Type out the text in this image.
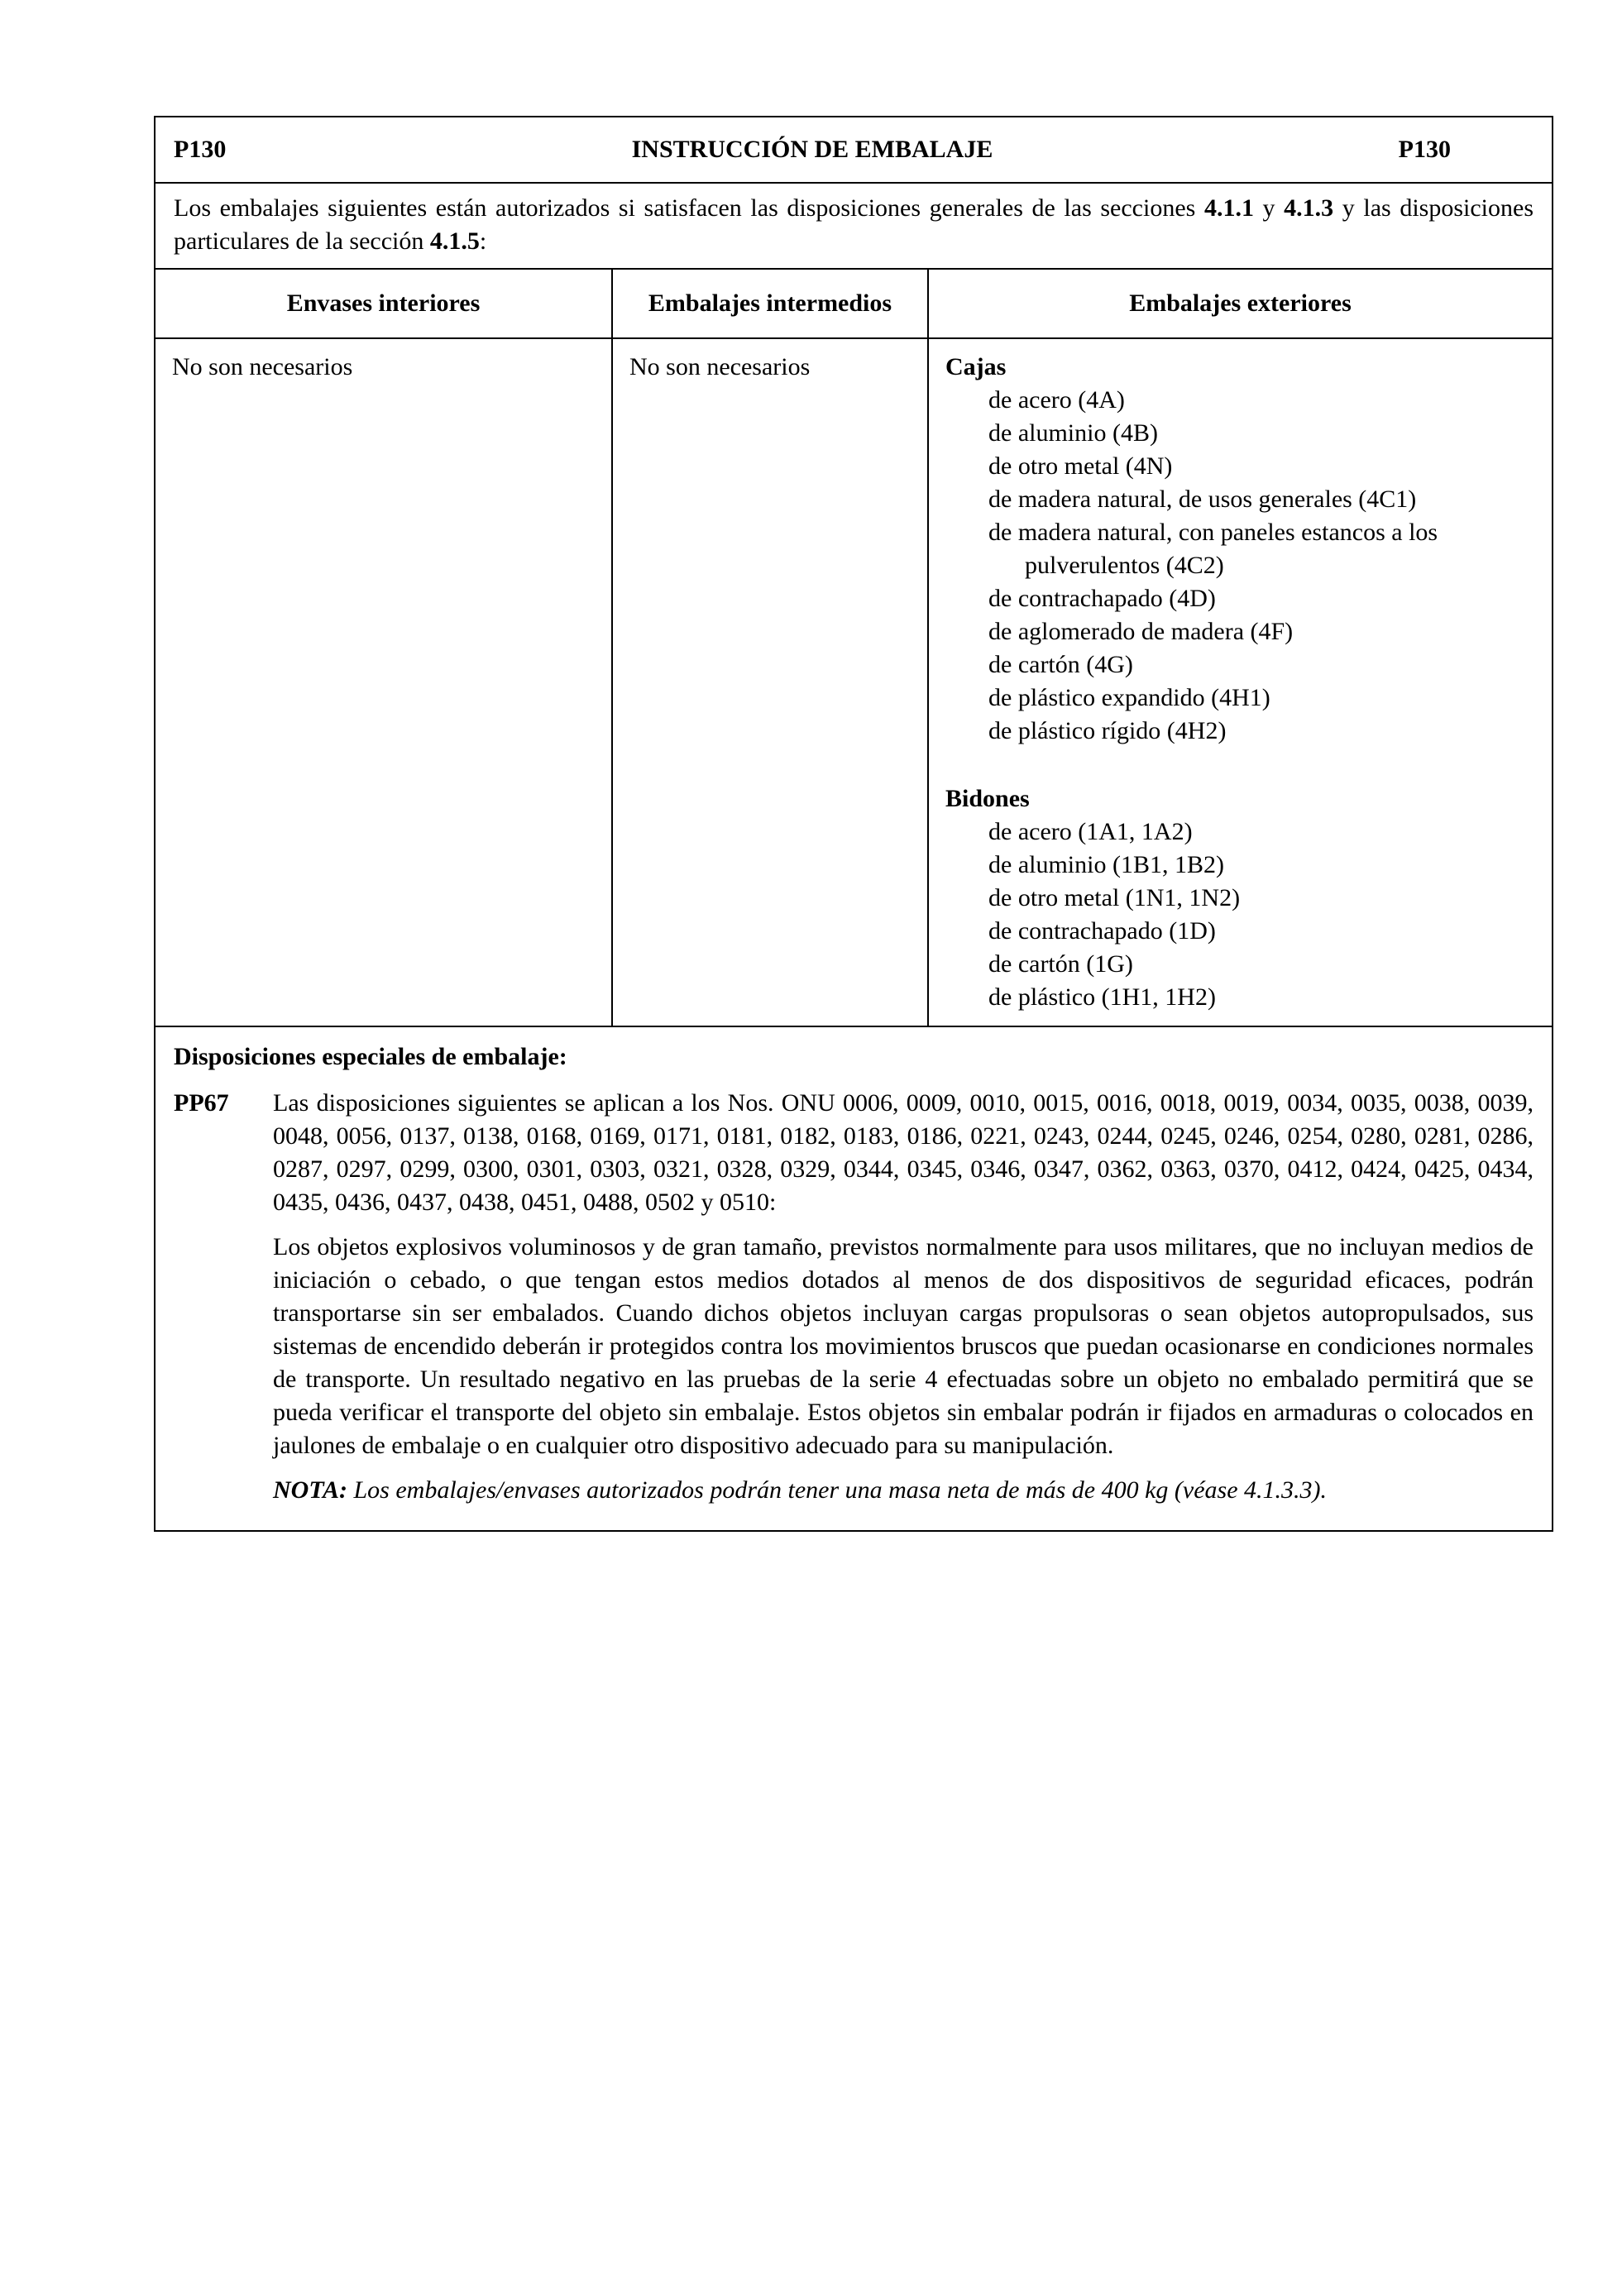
P130	INSTRUCCIÓN DE EMBALAJE	P130
Los embalajes siguientes están autorizados si satisfacen las disposiciones generales de las secciones 4.1.1 y 4.1.3 y las disposiciones particulares de la sección 4.1.5:
Envases interiores	Embalajes intermedios	Embalajes exteriores
No son necesarios	No son necesarios	Cajas
de acero (4A)
de aluminio (4B)
de otro metal (4N)
de madera natural, de usos generales (4C1)
de madera natural, con paneles estancos a los
pulverulentos (4C2)
de contrachapado (4D)
de aglomerado de madera (4F)
de cartón (4G)
de plástico expandido (4H1)
de plástico rígido (4H2)
Bidones
de acero (1A1, 1A2)
de aluminio (1B1, 1B2)
de otro metal (1N1, 1N2)
de contrachapado (1D)
de cartón (1G)
de plástico (1H1, 1H2)
Disposiciones especiales de embalaje:
PP67	Las disposiciones siguientes se aplican a los Nos. ONU 0006, 0009, 0010, 0015, 0016, 0018, 0019, 0034, 0035, 0038, 0039, 0048, 0056, 0137, 0138, 0168, 0169, 0171, 0181, 0182, 0183, 0186, 0221, 0243, 0244, 0245, 0246, 0254, 0280, 0281, 0286, 0287, 0297, 0299, 0300, 0301, 0303, 0321, 0328, 0329, 0344, 0345, 0346, 0347, 0362, 0363, 0370, 0412, 0424, 0425, 0434, 0435, 0436, 0437, 0438, 0451, 0488, 0502 y 0510:

Los objetos explosivos voluminosos y de gran tamaño, previstos normalmente para usos militares, que no incluyan medios de iniciación o cebado, o que tengan estos medios dotados al menos de dos dispositivos de seguridad eficaces, podrán transportarse sin ser embalados. Cuando dichos objetos incluyan cargas propulsoras o sean objetos autopropulsados, sus sistemas de encendido deberán ir protegidos contra los movimientos bruscos que puedan ocasionarse en condiciones normales de transporte. Un resultado negativo en las pruebas de la serie 4 efectuadas sobre un objeto no embalado permitirá que se pueda verificar el transporte del objeto sin embalaje. Estos objetos sin embalar podrán ir fijados en armaduras o colocados en jaulones de embalaje o en cualquier otro dispositivo adecuado para su manipulación.

NOTA: Los embalajes/envases autorizados podrán tener una masa neta de más de 400 kg (véase 4.1.3.3).
